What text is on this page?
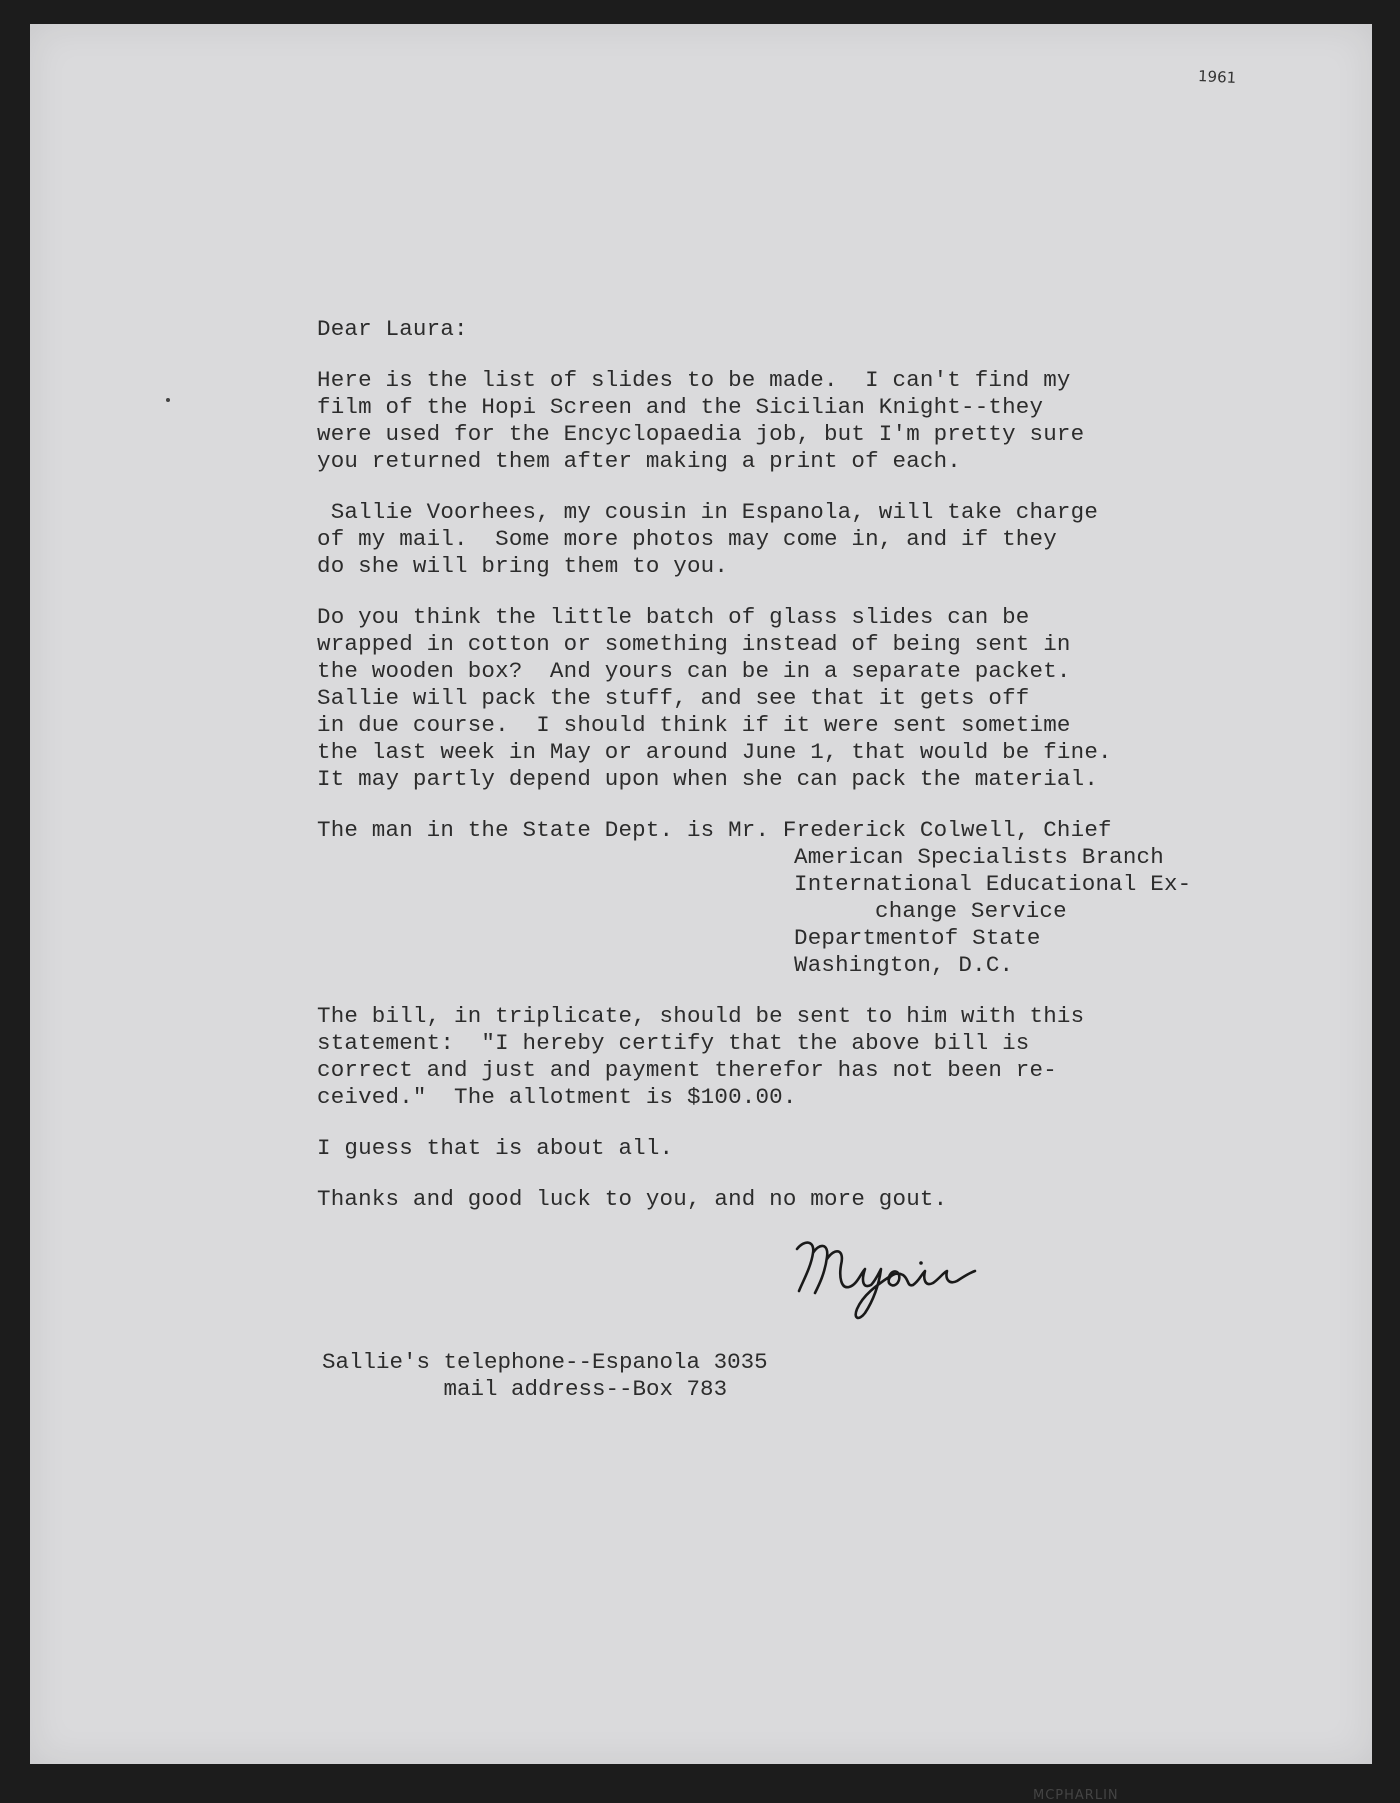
1961
Dear Laura:
Here is the list of slides to be made.  I can't find my
film of the Hopi Screen and the Sicilian Knight--they
were used for the Encyclopaedia job, but I'm pretty sure
you returned them after making a print of each.
Sallie Voorhees, my cousin in Espanola, will take charge
of my mail.  Some more photos may come in, and if they
do she will bring them to you.
Do you think the little batch of glass slides can be
wrapped in cotton or something instead of being sent in
the wooden box?  And yours can be in a separate packet.
Sallie will pack the stuff, and see that it gets off
in due course.  I should think if it were sent sometime
the last week in May or around June 1, that would be fine.
It may partly depend upon when she can pack the material.
The man in the State Dept. is Mr. Frederick Colwell, Chief
American Specialists Branch
International Educational Ex-
change Service
Departmentof State
Washington, D.C.
The bill, in triplicate, should be sent to him with this
statement:  "I hereby certify that the above bill is
correct and just and payment therefor has not been re-
ceived."  The allotment is $100.00.
I guess that is about all.
Thanks and good luck to you, and no more gout.
Sallie's telephone--Espanola 3035
mail address--Box 783
MCPHARLIN
